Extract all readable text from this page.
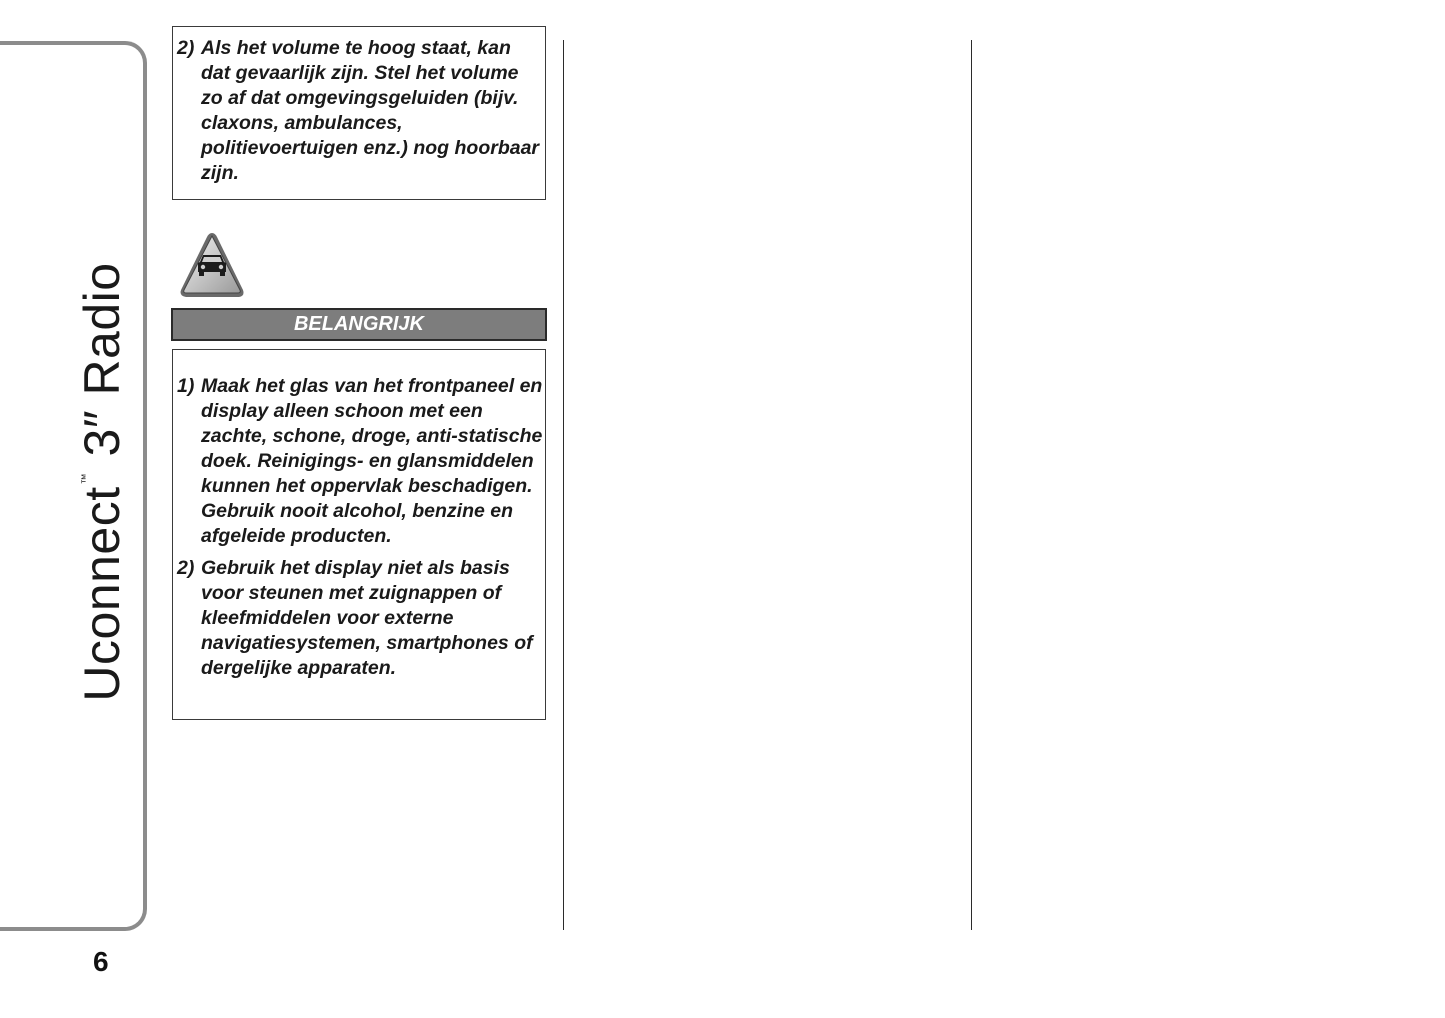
Uconnect™ 3″ Radio
6
2) Als het volume te hoog staat, kan dat gevaarlijk zijn. Stel het volume zo af dat omgevingsgeluiden (bijv. claxons, ambulances, politievoertuigen enz.) nog hoorbaar zijn.
BELANGRIJK
1) Maak het glas van het frontpaneel en display alleen schoon met een zachte, schone, droge, anti-statische doek. Reinigings- en glansmiddelen kunnen het oppervlak beschadigen. Gebruik nooit alcohol, benzine en afgeleide producten.
2) Gebruik het display niet als basis voor steunen met zuignappen of kleefmiddelen voor externe navigatiesystemen, smartphones of dergelijke apparaten.
